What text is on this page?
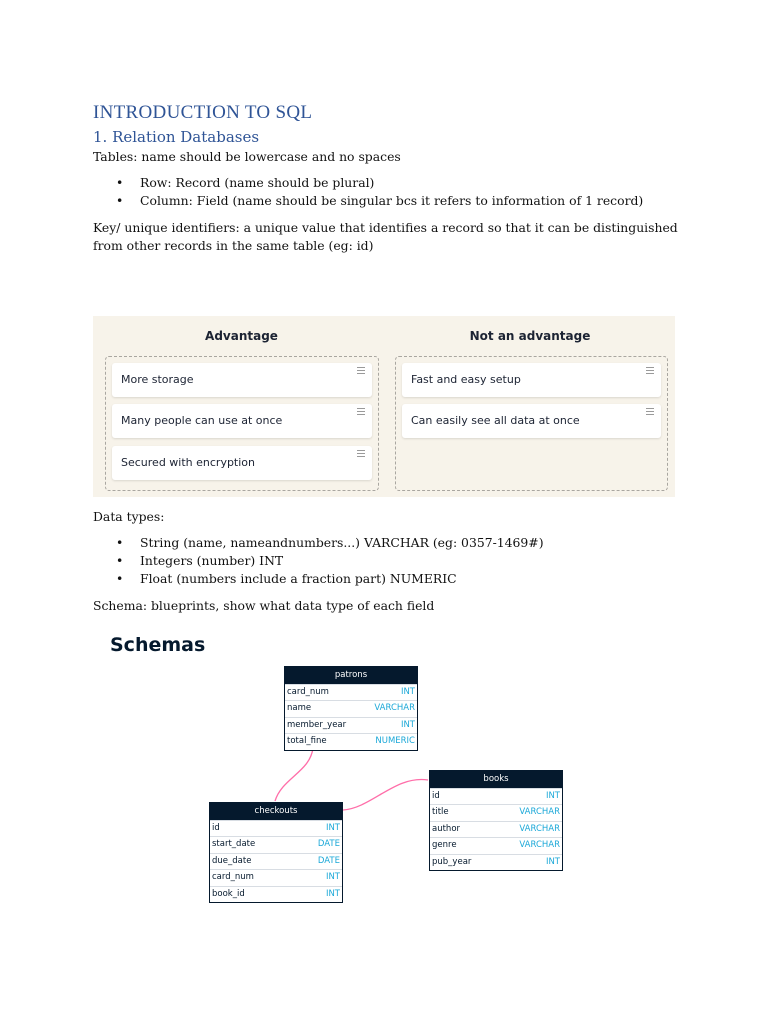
INTRODUCTION TO SQL
1. Relation Databases
Tables: name should be lowercase and no spaces
• Row: Record (name should be plural)
• Column: Field (name should be singular bcs it refers to information of 1 record)
Key/ unique identifiers: a unique value that identifies a record so that it can be distinguished
from other records in the same table (eg: id)
Advantage	Not an advantage
More storage
Many people can use at once
Secured with encryption
Fast and easy setup
Can easily see all data at once
Data types:
• String (name, nameandnumbers...) VARCHAR (eg: 0357-1469#)
• Integers (number) INT
• Float (numbers include a fraction part) NUMERIC
Schema: blueprints, show what data type of each field
Schemas
patrons
card_num	INT
name	VARCHAR
member_year	INT
total_fine	NUMERIC
checkouts
id	INT
start_date	DATE
due_date	DATE
card_num	INT
book_id	INT
books
id	INT
title	VARCHAR
author	VARCHAR
genre	VARCHAR
pub_year	INT
